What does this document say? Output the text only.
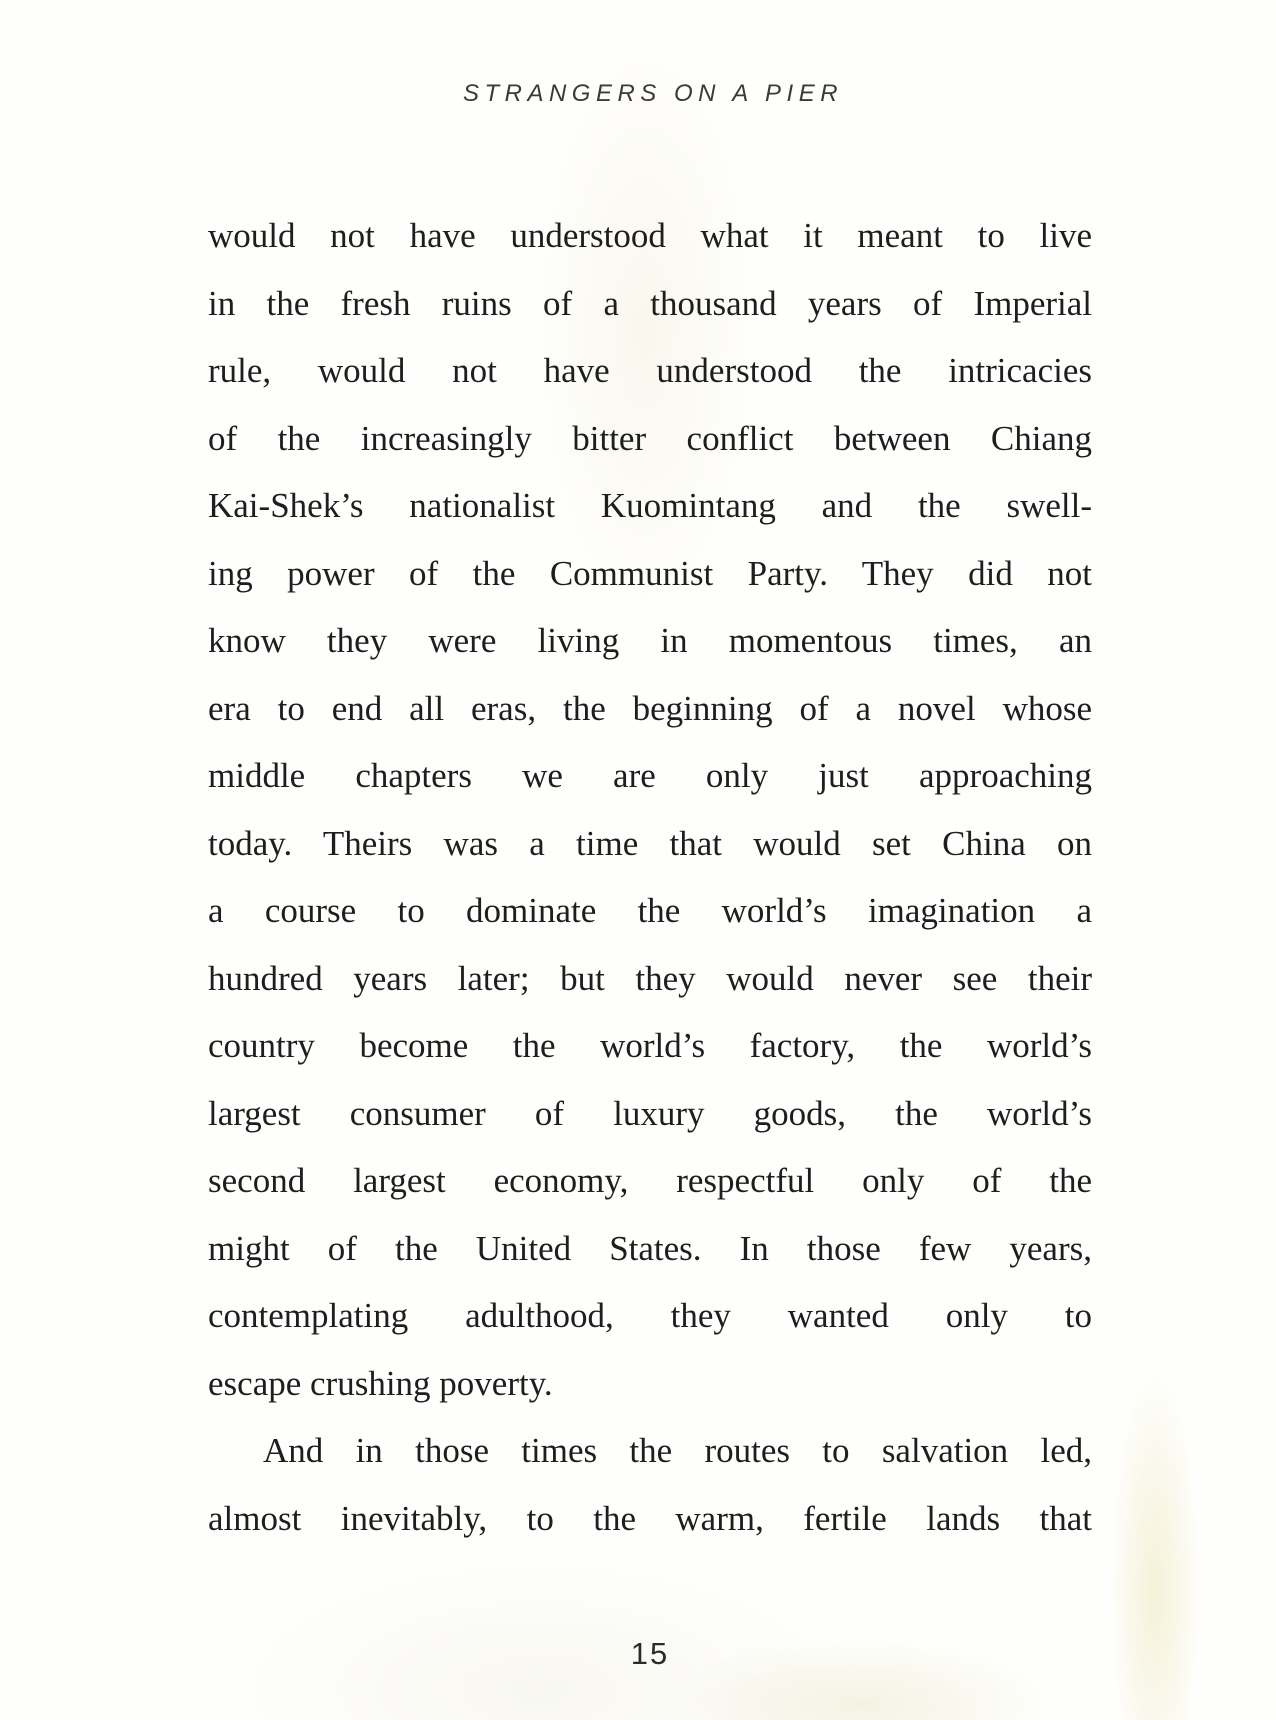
STRANGERS ON A PIER
would not have understood what it meant to live
in the fresh ruins of a thousand years of Imperial
rule, would not have understood the intricacies
of the increasingly bitter conflict between Chiang
Kai-Shek’s nationalist Kuomintang and the swell-
ing power of the Communist Party. They did not
know they were living in momentous times, an
era to end all eras, the beginning of a novel whose
middle chapters we are only just approaching
today. Theirs was a time that would set China on
a course to dominate the world’s imagination a
hundred years later; but they would never see their
country become the world’s factory, the world’s
largest consumer of luxury goods, the world’s
second largest economy, respectful only of the
might of the United States. In those few years,
contemplating adulthood, they wanted only to
escape crushing poverty.
And in those times the routes to salvation led,
almost inevitably, to the warm, fertile lands that
15
